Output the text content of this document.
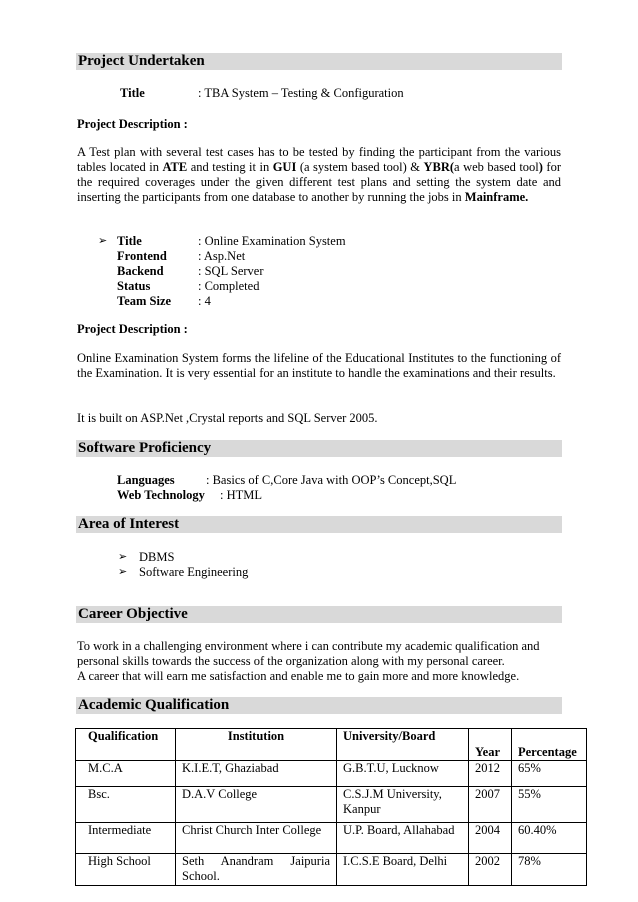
Project Undertaken
Title	: TBA System – Testing & Configuration
Project Description :
A Test plan with several test cases has to be tested by finding the participant from the various tables located in ATE and testing it in GUI (a system based tool) & YBR(a web based tool) for the required coverages under the given different test plans and setting the system date and inserting the participants from one database to another by running the jobs in Mainframe.
➢ Title	: Online Examination System
Frontend : Asp.Net
Backend	: SQL Server
Status	: Completed
Team Size : 4
Project Description :
Online Examination System forms the lifeline of the Educational Institutes to the functioning of the Examination. It is very essential for an institute to handle the examinations and their results.
It is built on ASP.Net ,Crystal reports and SQL Server 2005.
Software Proficiency
Languages	: Basics of C,Core Java with OOP’s Concept,SQL
Web Technology : HTML
Area of Interest
➢ DBMS
➢ Software Engineering
Career Objective
To work in a challenging environment where i can contribute my academic qualification and personal skills towards the success of the organization along with my personal career.
A career that will earn me satisfaction and enable me to gain more and more knowledge.
Academic Qualification
Qualification	Institution	University/Board	Year	Percentage
M.C.A	K.I.E.T, Ghaziabad	G.B.T.U, Lucknow	2012	65%
Bsc.	D.A.V College	C.S.J.M University, Kanpur	2007	55%
Intermediate	Christ Church Inter College	U.P. Board, Allahabad	2004	60.40%
High School	Seth Anandram Jaipuria School.	I.C.S.E Board, Delhi	2002	78%
